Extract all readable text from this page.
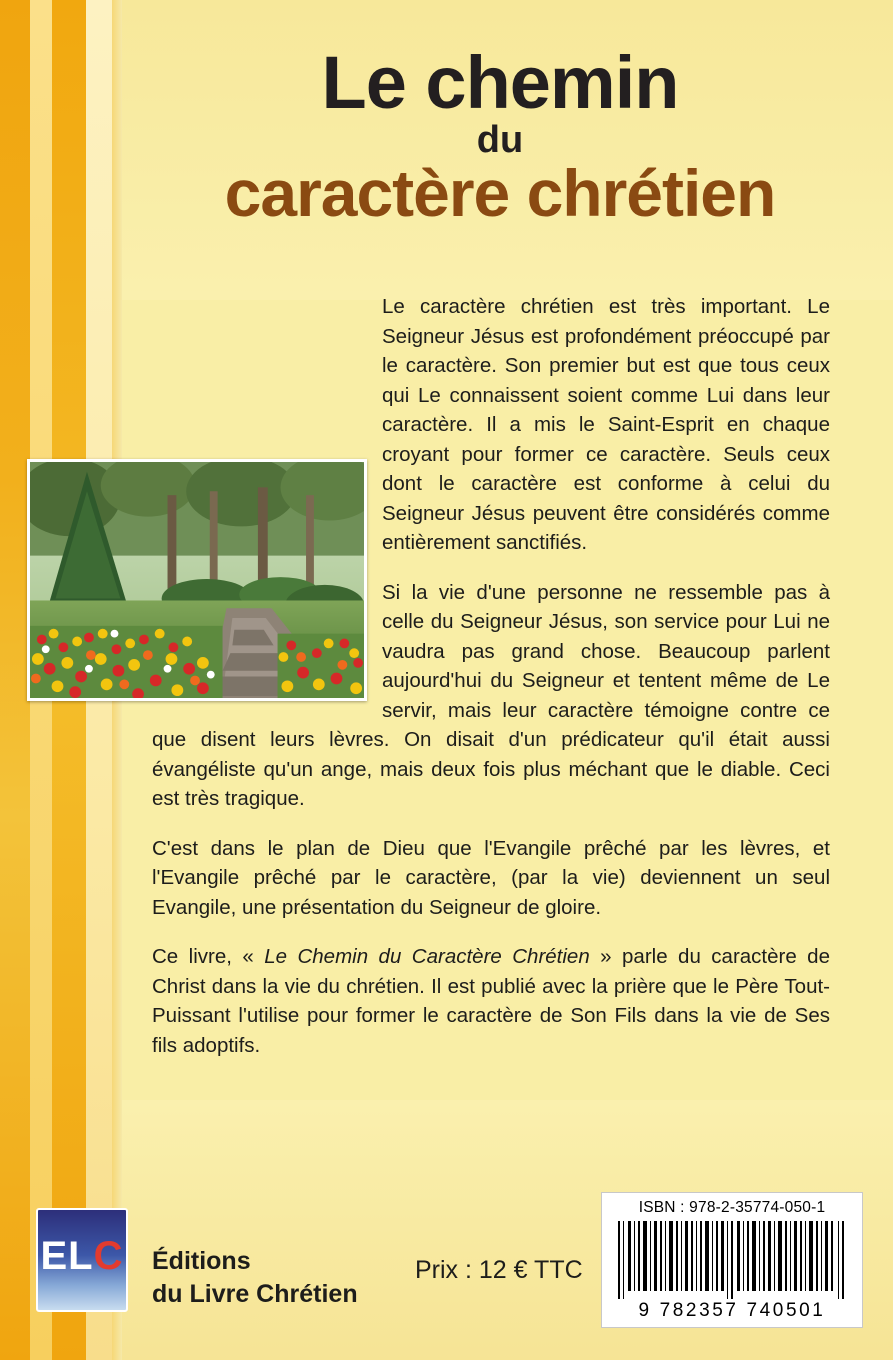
Le chemin
du
caractère chrétien

Le caractère chrétien est très important. Le Seigneur Jésus est profondément préoccupé par le caractère. Son premier but est que tous ceux qui Le connaissent soient comme Lui dans leur caractère. Il a mis le Saint-Esprit en chaque croyant pour former ce caractère. Seuls ceux dont le caractère est conforme à celui du Seigneur Jésus peuvent être considérés comme entièrement sanctifiés.

Si la vie d'une personne ne ressemble pas à celle du Seigneur Jésus, son service pour Lui ne vaudra pas grand chose. Beaucoup parlent aujourd'hui du Seigneur et tentent même de Le servir, mais leur caractère témoigne contre ce que disent leurs lèvres. On disait d'un prédicateur qu'il était aussi évangéliste qu'un ange, mais deux fois plus méchant que le diable. Ceci est très tragique.

C'est dans le plan de Dieu que l'Evangile prêché par les lèvres, et l'Evangile prêché par le caractère, (par la vie) deviennent un seul Evangile, une présentation du Seigneur de gloire.

Ce livre, « Le Chemin du Caractère Chrétien » parle du caractère de Christ dans la vie du chrétien. Il est publié avec la prière que le Père Tout-Puissant l'utilise pour former le caractère de Son Fils dans la vie de Ses fils adoptifs.

ELC Éditions
du Livre Chrétien
Prix : 12 € TTC
ISBN : 978-2-35774-050-1
9 782357 740501
